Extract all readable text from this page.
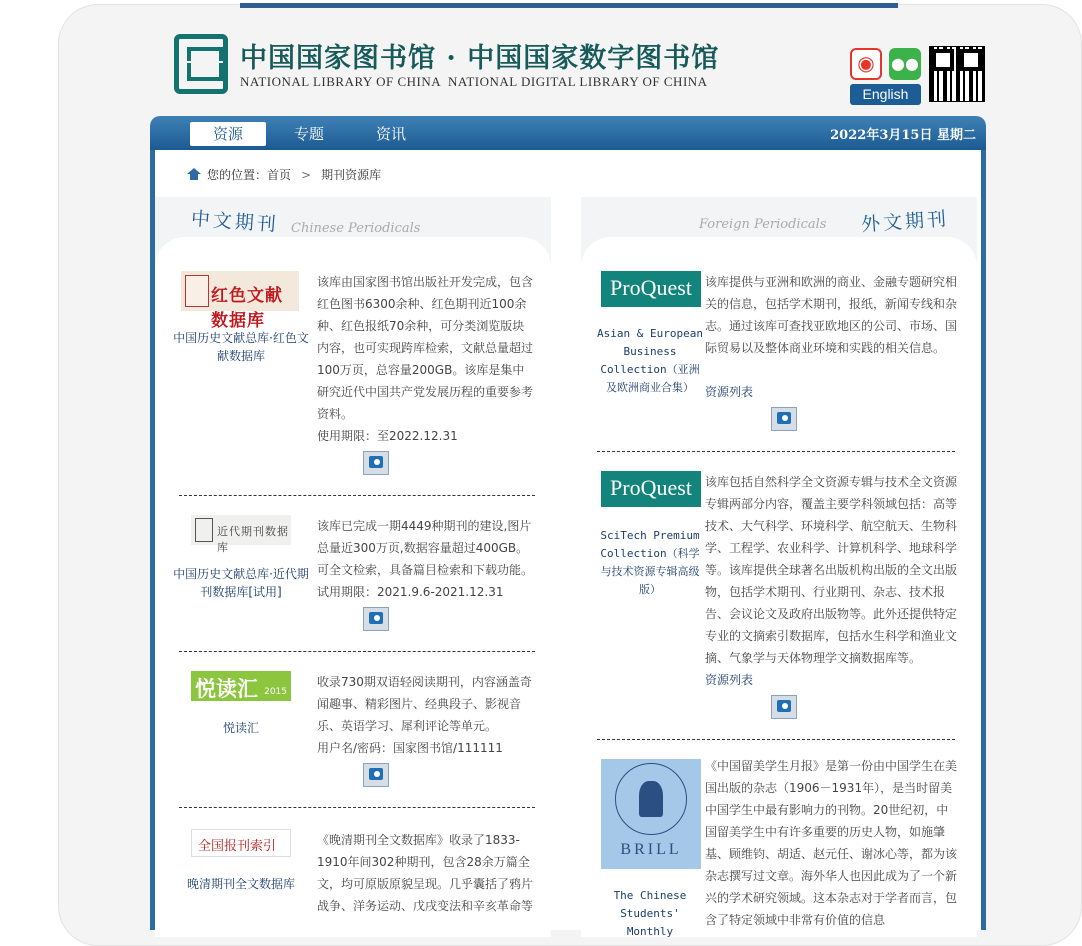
中国国家图书馆 · 中国国家数字图书馆
NATIONAL LIBRARY OF CHINA NATIONAL DIGITAL LIBRARY OF CHINA
◉	●●
English
资源	专题	资讯	2022年3月15日 星期二
您的位置：首页 > 期刊资源库
中文期刊 Chinese Periodicals
红色文献数据库
中国历史文献总库·红色文献数据库
该库由国家图书馆出版社开发完成，包含红色图书6300余种、红色期刊近100余种、红色报纸70余种，可分类浏览版块内容，也可实现跨库检索，文献总量超过100万页，总容量200GB。该库是集中研究近代中国共产党发展历程的重要参考资料。
使用期限：至2022.12.31
近代期刊数据库
中国历史文献总库·近代期刊数据库[试用]
该库已完成一期4449种期刊的建设,图片总量近300万页,数据容量超过400GB。可全文检索，具备篇目检索和下载功能。
试用期限：2021.9.6-2021.12.31
悦读汇 2015
悦读汇
收录730期双语轻阅读期刊，内容涵盖奇闻趣事、精彩图片、经典段子、影视音乐、英语学习、犀利评论等单元。
用户名/密码：国家图书馆/111111
全国报刊索引
晚清期刊全文数据库
《晚清期刊全文数据库》收录了1833-1910年间302种期刊，包含28余万篇全文，均可原版原貌呈现。几乎囊括了鸦片战争、洋务运动、戊戌变法和辛亥革命等
Foreign Periodicals 外文期刊
ProQuest
Asian & European Business Collection（亚洲及欧洲商业合集）
该库提供与亚洲和欧洲的商业、金融专题研究相关的信息，包括学术期刊，报纸，新闻专线和杂志。通过该库可查找亚欧地区的公司、市场、国际贸易以及整体商业环境和实践的相关信息。
资源列表
ProQuest
SciTech Premium Collection（科学与技术资源专辑高级版）
该库包括自然科学全文资源专辑与技术全文资源专辑两部分内容，覆盖主要学科领域包括：高等技术、大气科学、环境科学、航空航天、生物科学、工程学、农业科学、计算机科学、地球科学等。该库提供全球著名出版机构出版的全文出版物，包括学术期刊、行业期刊、杂志、技术报告、会议论文及政府出版物等。此外还提供特定专业的文摘索引数据库，包括水生科学和渔业文摘、气象学与天体物理学文摘数据库等。
资源列表
BRILL
The Chinese Students' Monthly
《中国留美学生月报》是第一份由中国学生在美国出版的杂志（1906－1931年），是当时留美中国学生中最有影响力的刊物。20世纪初，中国留美学生中有许多重要的历史人物，如施肇基、顾维钧、胡适、赵元任、谢冰心等，都为该杂志撰写过文章。海外华人也因此成为了一个新兴的学术研究领域。这本杂志对于学者而言，包含了特定领域中非常有价值的信息
